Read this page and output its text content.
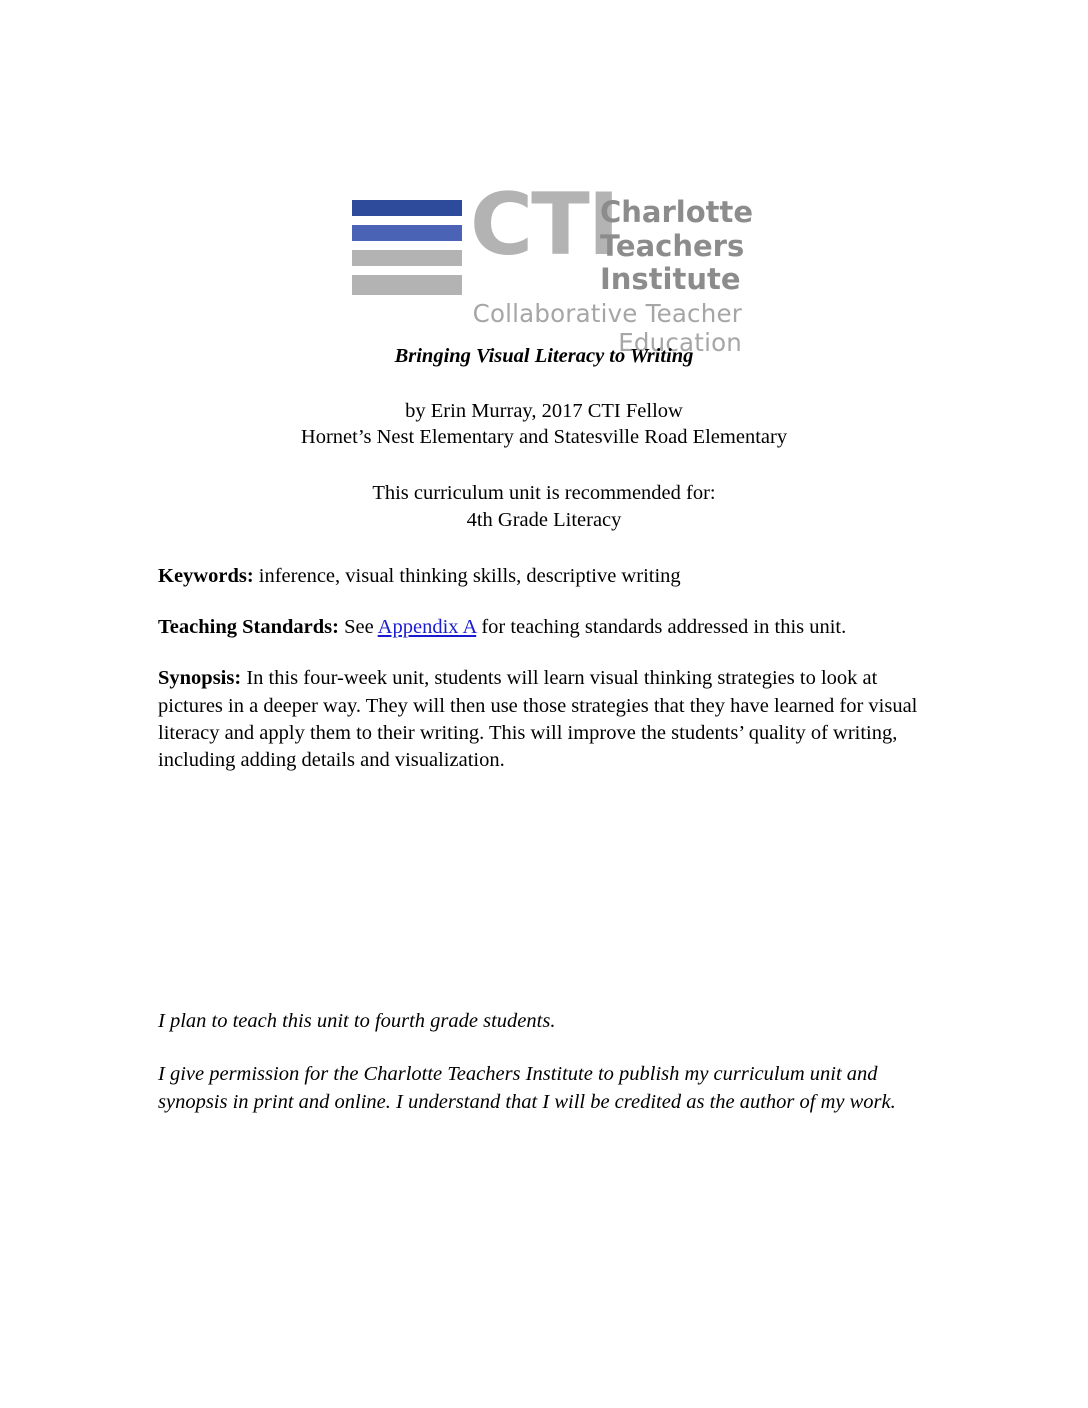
CTI
Charlotte
Teachers
Institute
Collaborative Teacher Education

Bringing Visual Literacy to Writing

by Erin Murray, 2017 CTI Fellow

Hornet’s Nest Elementary and Statesville Road Elementary

This curriculum unit is recommended for:

4th Grade Literacy

Keywords: inference, visual thinking skills, descriptive writing

Teaching Standards: See Appendix A for teaching standards addressed in this unit.

Synopsis: In this four-week unit, students will learn visual thinking strategies to look at pictures in a deeper way. They will then use those strategies that they have learned for visual literacy and apply them to their writing. This will improve the students’ quality of writing, including adding details and visualization.

I plan to teach this unit to fourth grade students.

I give permission for the Charlotte Teachers Institute to publish my curriculum unit and synopsis in print and online. I understand that I will be credited as the author of my work.
